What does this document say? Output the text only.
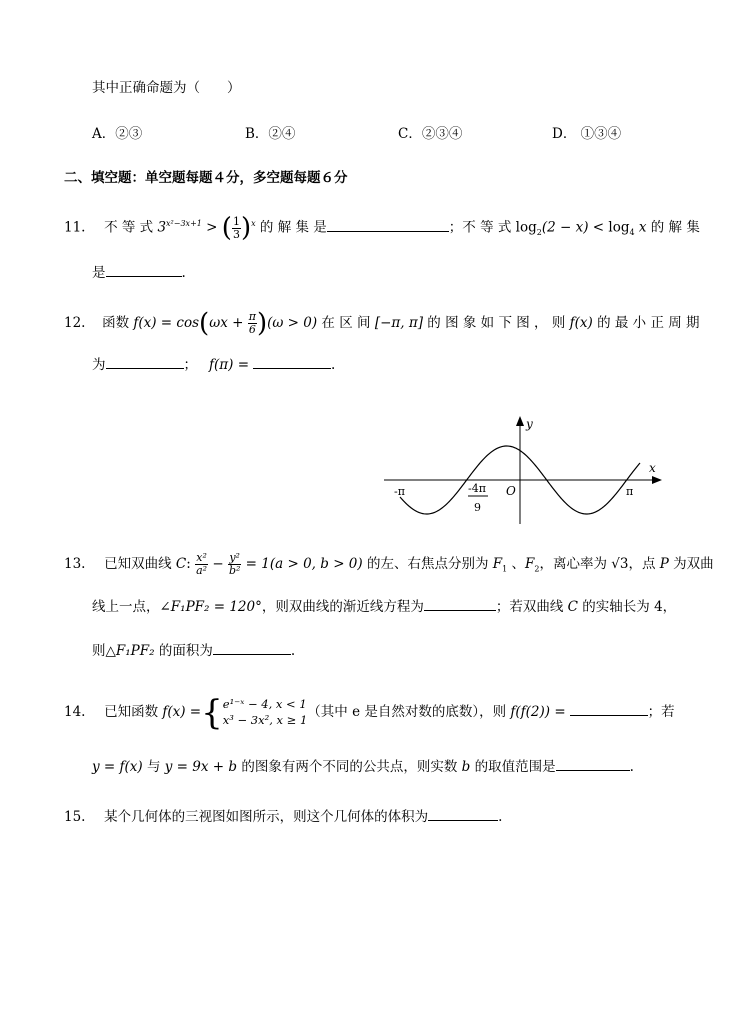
其中正确命题为（　　）
A．②③	B．②④	C．②③④	D． ①③④
二、填空题：单空题每题４分，多空题每题６分
11. 不 等 式 $3^{x^2-3x+1}$ > ( $\frac{1}{3} )^x$ 的 解 集 是	；不 等 式 $\log_2(2 - x) < \log_4 x$ 的 解 集
是	.
12. 函数 $f(x) = \cos(\omega x + \frac{\pi}{6} )(\omega > 0)$ 在 区 间 [−π, π] 的 图 象 如 下 图 ， 则 f(x) 的 最 小 正 周 期
为	； f(π) =	.
y
x
O
-π	π
-4π
9
13. 已知双曲线 C: $\frac{\text{x²}}{\text{a²}} - \frac{\text{y²}}{\text{b²}} = 1(a > 0$, b > 0) 的左、右焦点分别为 $F_1$ 、$F_2$，离心率为 √3，点 P 为双曲
线上一点，∠F₁PF₂ = 120°，则双曲线的渐近线方程为	；若双曲线 C 的实轴长为 4，
则△F₁PF₂ 的面积为	.
14. 已知函数 f(x) ={ e¹⁻ˣ − 4, x < 1
x³ − 3x², x ≥ 1 （其中 e 是自然对数的底数），则 f(f(2)) =	；若
y = f(x) 与 y = 9x + b 的图象有两个不同的公共点，则实数 b 的取值范围是	.
15. 某个几何体的三视图如图所示，则这个几何体的体积为	.
